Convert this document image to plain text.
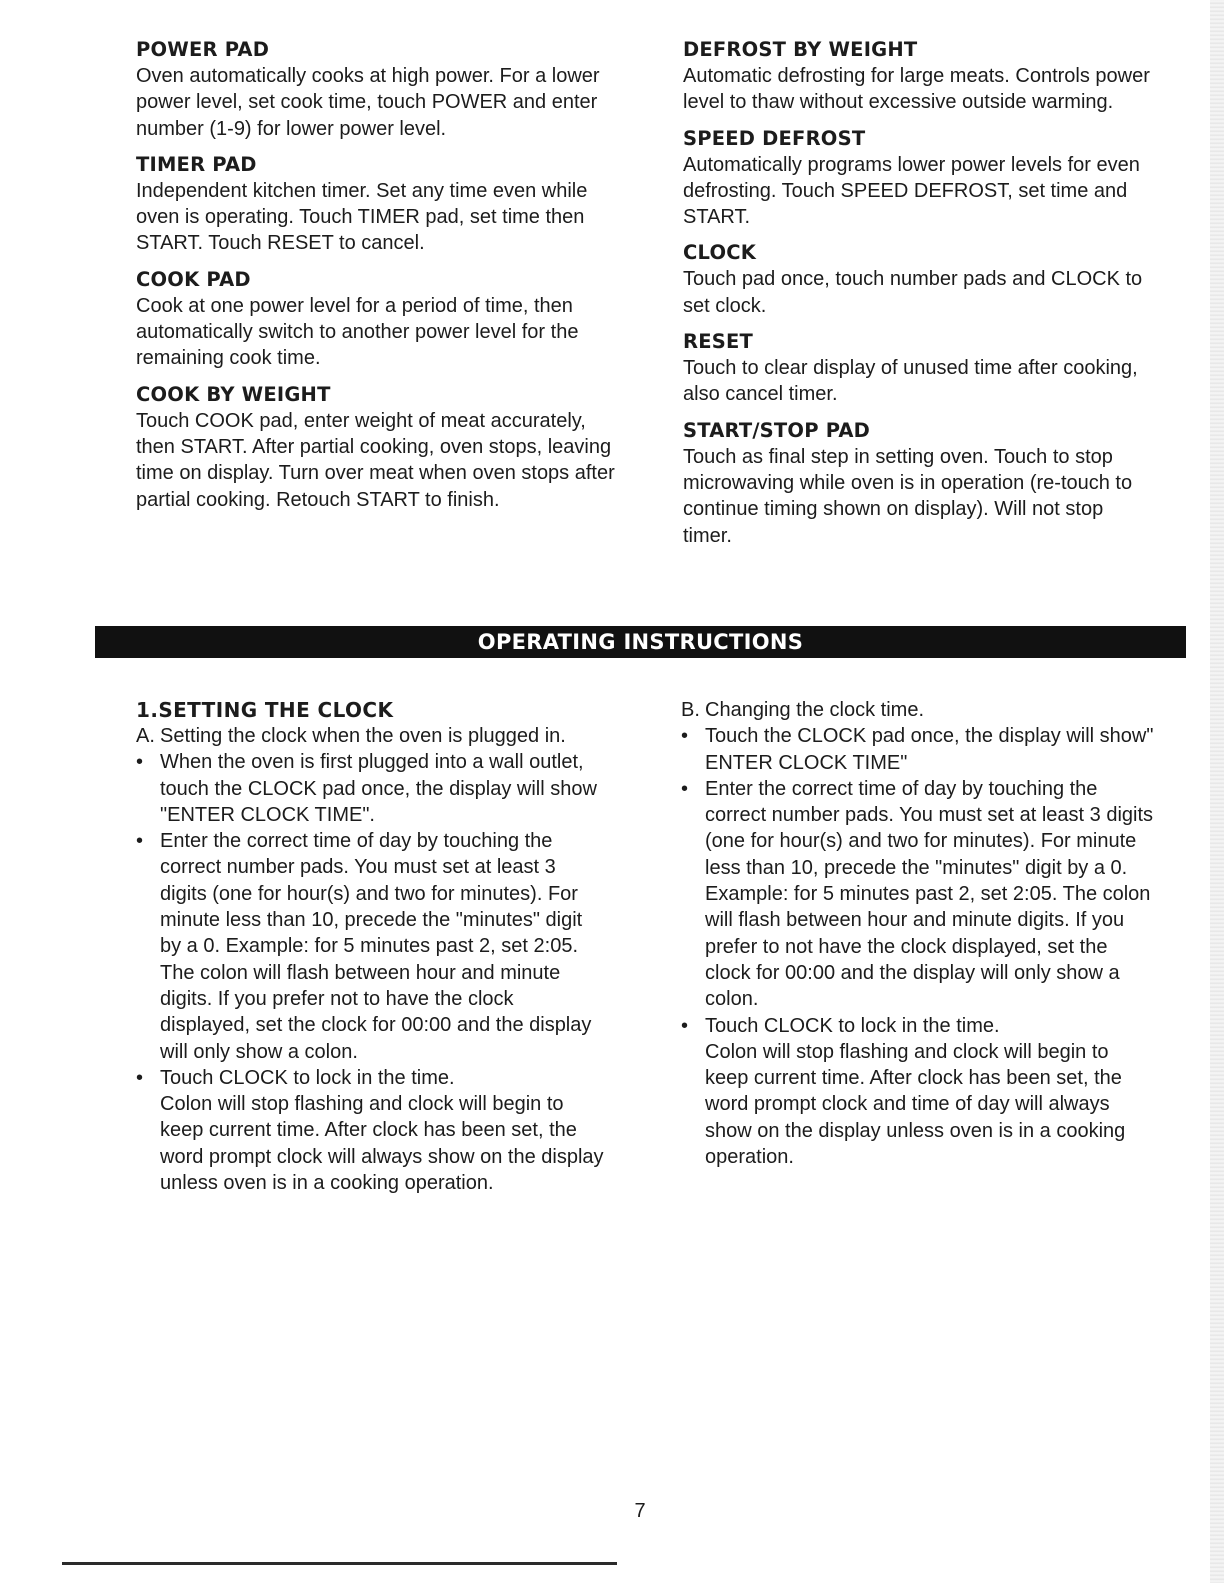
POWER PAD

Oven automatically cooks at high power. For a lower power level, set cook time, touch POWER and enter number (1-9) for lower power level.

TIMER PAD

Independent kitchen timer. Set any time even while oven is operating. Touch TIMER pad, set time then START. Touch RESET to cancel.

COOK PAD

Cook at one power level for a period of time, then automatically switch to another power level for the remaining cook time.

COOK BY WEIGHT

Touch COOK pad, enter weight of meat accurately, then START. After partial cooking, oven stops, leaving time on display. Turn over meat when oven stops after partial cooking. Retouch START to finish.

DEFROST BY WEIGHT

Automatic defrosting for large meats. Controls power level to thaw without excessive outside warming.

SPEED DEFROST

Automatically programs lower power levels for even defrosting. Touch SPEED DEFROST, set time and START.

CLOCK

Touch pad once, touch number pads and CLOCK to set clock.

RESET

Touch to clear display of unused time after cooking, also cancel timer.

START/STOP PAD

Touch as final step in setting oven. Touch to stop microwaving while oven is in operation (re-touch to continue timing shown on display). Will not stop timer.

OPERATING INSTRUCTIONS
1.SETTING THE CLOCK
A. Setting the clock when the oven is plugged in.
• When the oven is first plugged into a wall outlet, touch the CLOCK pad once, the display will show "ENTER CLOCK TIME".
• Enter the correct time of day by touching the correct number pads. You must set at least 3 digits (one for hour(s) and two for minutes). For minute less than 10, precede the "minutes" digit by a 0. Example: for 5 minutes past 2, set 2:05. The colon will flash between hour and minute digits. If you prefer not to have the clock displayed, set the clock for 00:00 and the display will only show a colon.
• Touch CLOCK to lock in the time.
Colon will stop flashing and clock will begin to keep current time. After clock has been set, the word prompt clock will always show on the display unless oven is in a cooking operation.
B. Changing the clock time.
• Touch the CLOCK pad once, the display will show" ENTER CLOCK TIME"
• Enter the correct time of day by touching the correct number pads. You must set at least 3 digits (one for hour(s) and two for minutes). For minute less than 10, precede the "minutes" digit by a 0. Example: for 5 minutes past 2, set 2:05. The colon will flash between hour and minute digits. If you prefer to not have the clock displayed, set the clock for 00:00 and the display will only show a colon.
• Touch CLOCK to lock in the time.
Colon will stop flashing and clock will begin to keep current time. After clock has been set, the word prompt clock and time of day will always show on the display unless oven is in a cooking operation.
7
